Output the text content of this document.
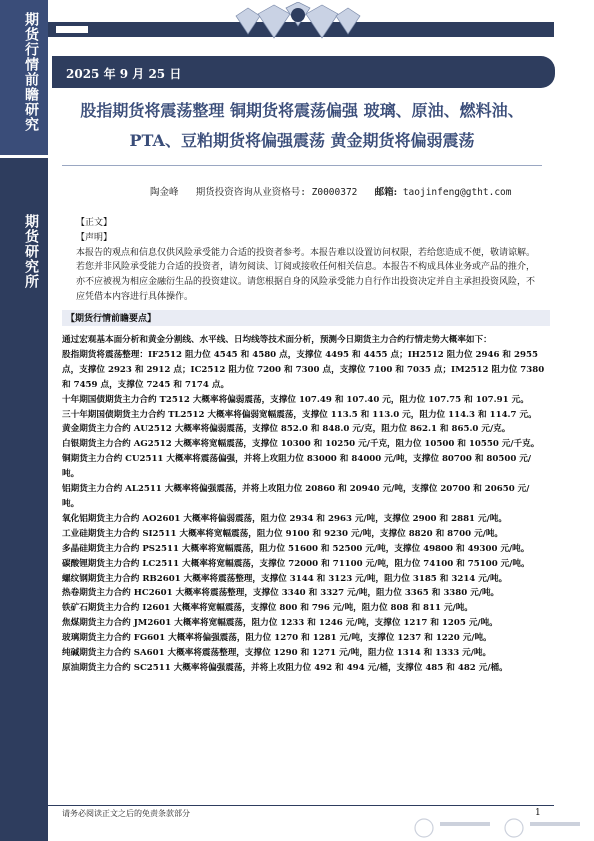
期货行情前瞻研究
期货研究所
2025 年 9 月 25 日
股指期货将震荡整理 铜期货将震荡偏强 玻璃、原油、燃料油、PTA、豆粕期货将偏强震荡 黄金期货将偏弱震荡
陶金峰 期货投资咨询从业资格号: Z0000372 邮箱: taojinfeng@gtht.com

【正文】

【声明】

本报告的观点和信息仅供风险承受能力合适的投资者参考。本报告难以设置访问权限，若给您造成不便，敬请谅解。若您并非风险承受能力合适的投资者，请勿阅读、订阅或接收任何相关信息。本报告不构成具体业务或产品的推介，亦不应被视为相应金融衍生品的投资建议。请您根据自身的风险承受能力自行作出投资决定并自主承担投资风险，不应凭借本内容进行具体操作。

【期货行情前瞻要点】

通过宏观基本面分析和黄金分割线、水平线、日均线等技术面分析，预测今日期货主力合约行情走势大概率如下：

股指期货将震荡整理：IF2512 阻力位 4545 和 4580 点，支撑位 4495 和 4455 点；IH2512 阻力位 2946 和 2955 点，支撑位 2923 和 2912 点；IC2512 阻力位 7200 和 7300 点，支撑位 7100 和 7035 点；IM2512 阻力位 7380 和 7459 点，支撑位 7245 和 7174 点。

十年期国债期货主力合约 T2512 大概率将偏弱震荡，支撑位 107.49 和 107.40 元，阻力位 107.75 和 107.91 元。

三十年期国债期货主力合约 TL2512 大概率将偏弱宽幅震荡，支撑位 113.5 和 113.0 元，阻力位 114.3 和 114.7 元。

黄金期货主力合约 AU2512 大概率将偏弱震荡，支撑位 852.0 和 848.0 元/克，阻力位 862.1 和 865.0 元/克。

白银期货主力合约 AG2512 大概率将宽幅震荡，支撑位 10300 和 10250 元/千克，阻力位 10500 和 10550 元/千克。

铜期货主力合约 CU2511 大概率将震荡偏强，并将上攻阻力位 83000 和 84000 元/吨，支撑位 80700 和 80500 元/吨。

铝期货主力合约 AL2511 大概率将偏强震荡，并将上攻阻力位 20860 和 20940 元/吨，支撑位 20700 和 20650 元/吨。

氧化铝期货主力合约 AO2601 大概率将偏弱震荡，阻力位 2934 和 2963 元/吨，支撑位 2900 和 2881 元/吨。

工业硅期货主力合约 SI2511 大概率将宽幅震荡，阻力位 9100 和 9230 元/吨，支撑位 8820 和 8700 元/吨。

多晶硅期货主力合约 PS2511 大概率将宽幅震荡，阻力位 51600 和 52500 元/吨，支撑位 49800 和 49300 元/吨。

碳酸锂期货主力合约 LC2511 大概率将宽幅震荡，支撑位 72000 和 71100 元/吨，阻力位 74100 和 75100 元/吨。

螺纹钢期货主力合约 RB2601 大概率将震荡整理，支撑位 3144 和 3123 元/吨，阻力位 3185 和 3214 元/吨。

热卷期货主力合约 HC2601 大概率将震荡整理，支撑位 3340 和 3327 元/吨，阻力位 3365 和 3380 元/吨。

铁矿石期货主力合约 I2601 大概率将宽幅震荡，支撑位 800 和 796 元/吨，阻力位 808 和 811 元/吨。

焦煤期货主力合约 JM2601 大概率将宽幅震荡，阻力位 1233 和 1246 元/吨，支撑位 1217 和 1205 元/吨。

玻璃期货主力合约 FG601 大概率将偏强震荡，阻力位 1270 和 1281 元/吨，支撑位 1237 和 1220 元/吨。

纯碱期货主力合约 SA601 大概率将震荡整理，支撑位 1290 和 1271 元/吨，阻力位 1314 和 1333 元/吨。

原油期货主力合约 SC2511 大概率将偏强震荡，并将上攻阻力位 492 和 494 元/桶，支撑位 485 和 482 元/桶。

请务必阅读正文之后的免责条款部分	1
